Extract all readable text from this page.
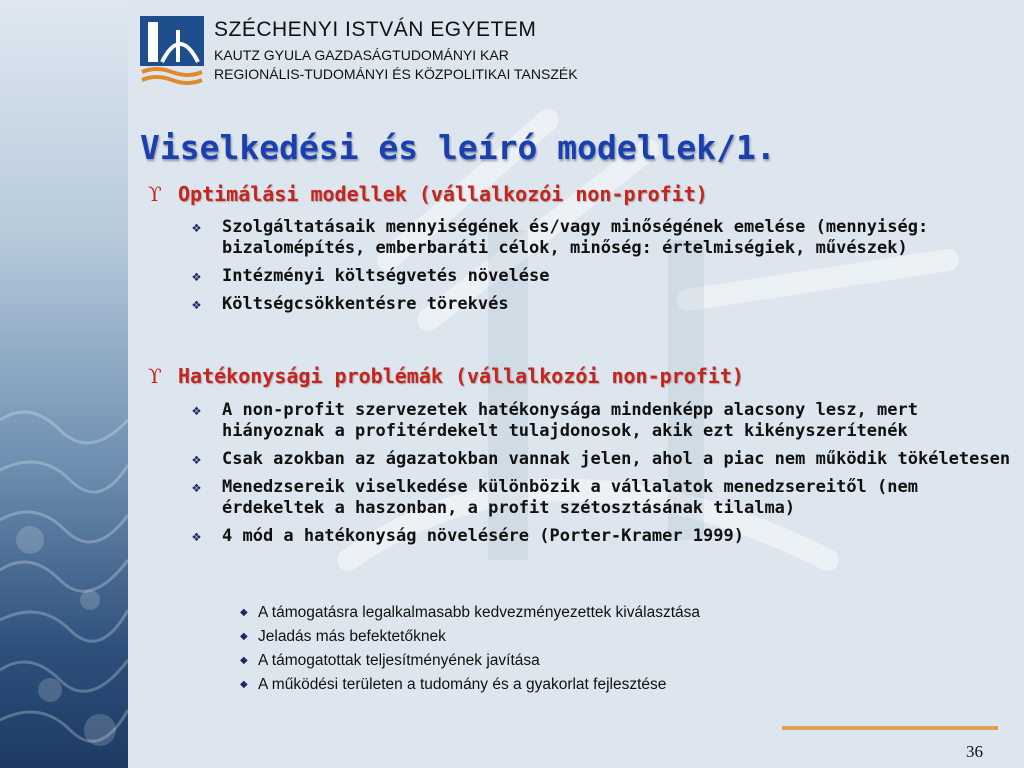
SZÉCHENYI ISTVÁN EGYETEM
KAUTZ GYULA GAZDASÁGTUDOMÁNYI KAR
REGIONÁLIS-TUDOMÁNYI ÉS KÖZPOLITIKAI TANSZÉK
Viselkedési és leíró modellek/1.
ϒ Optimálási modellek (vállalkozói non-profit)
❖	Szolgáltatásaik mennyiségének és/vagy minőségének emelése (mennyiség: bizalomépítés, emberbaráti célok, minőség: értelmiségiek, művészek)
❖	Intézményi költségvetés növelése
❖	Költségcsökkentésre törekvés
ϒ Hatékonysági problémák (vállalkozói non-profit)
❖	A non-profit szervezetek hatékonysága mindenképp alacsony lesz, mert hiányoznak a profitérdekelt tulajdonosok, akik ezt kikényszerítenék
❖	Csak azokban az ágazatokban vannak jelen, ahol a piac nem működik tökéletesen
❖	Menedzsereik viselkedése különbözik a vállalatok menedzsereitől (nem érdekeltek a haszonban, a profit szétosztásának tilalma)
❖	4 mód a hatékonyság növelésére (Porter-Kramer 1999)
◆ A támogatásra legalkalmasabb kedvezményezettek kiválasztása
◆ Jeladás más befektetőknek
◆ A támogatottak teljesítményének javítása
◆ A működési területen a tudomány és a gyakorlat fejlesztése
36
